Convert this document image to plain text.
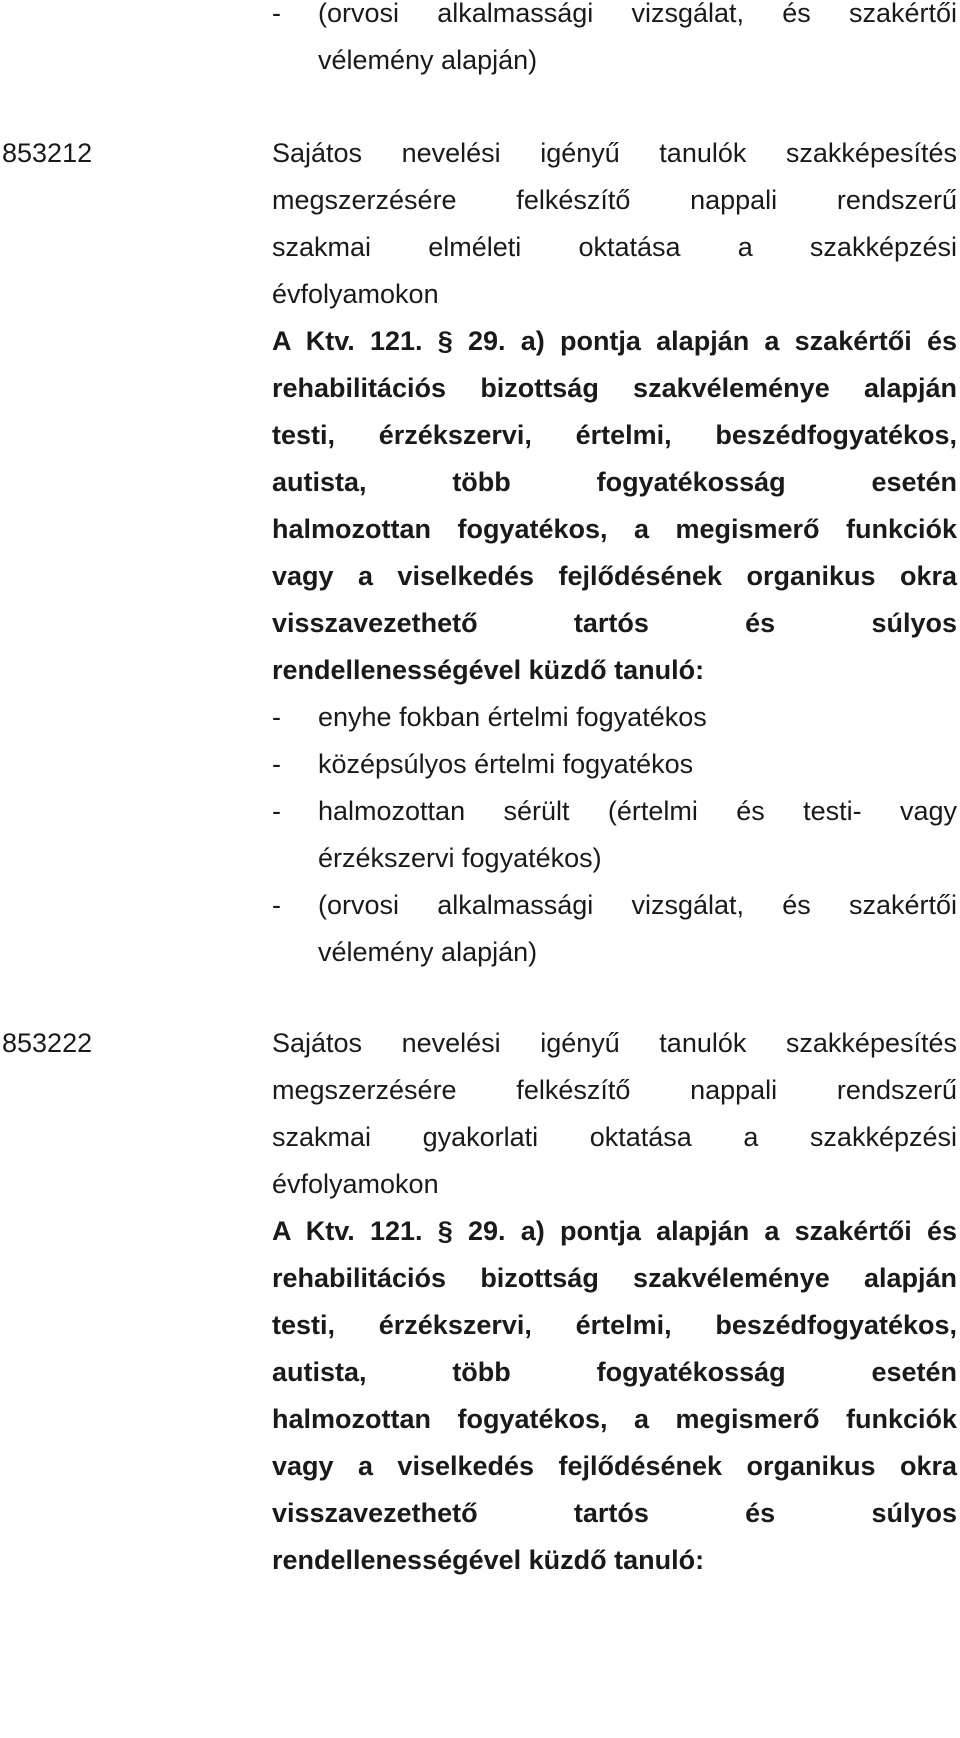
-	(orvosi alkalmassági vizsgálat, és szakértői
vélemény alapján)
853212	Sajátos nevelési igényű tanulók szakképesítés
megszerzésére felkészítő nappali rendszerű
szakmai elméleti oktatása a szakképzési
évfolyamokon
A Ktv. 121. § 29. a) pontja alapján a szakértői és
rehabilitációs bizottság szakvéleménye alapján
testi, érzékszervi, értelmi, beszédfogyatékos,
autista, több fogyatékosság esetén
halmozottan fogyatékos, a megismerő funkciók
vagy a viselkedés fejlődésének organikus okra
visszavezethető tartós és súlyos
rendellenességével küzdő tanuló:
-	enyhe fokban értelmi fogyatékos
-	középsúlyos értelmi fogyatékos
-	halmozottan sérült (értelmi és testi- vagy
érzékszervi fogyatékos)
-	(orvosi alkalmassági vizsgálat, és szakértői
vélemény alapján)
853222	Sajátos nevelési igényű tanulók szakképesítés
megszerzésére felkészítő nappali rendszerű
szakmai gyakorlati oktatása a szakképzési
évfolyamokon
A Ktv. 121. § 29. a) pontja alapján a szakértői és
rehabilitációs bizottság szakvéleménye alapján
testi, érzékszervi, értelmi, beszédfogyatékos,
autista, több fogyatékosság esetén
halmozottan fogyatékos, a megismerő funkciók
vagy a viselkedés fejlődésének organikus okra
visszavezethető tartós és súlyos
rendellenességével küzdő tanuló:
